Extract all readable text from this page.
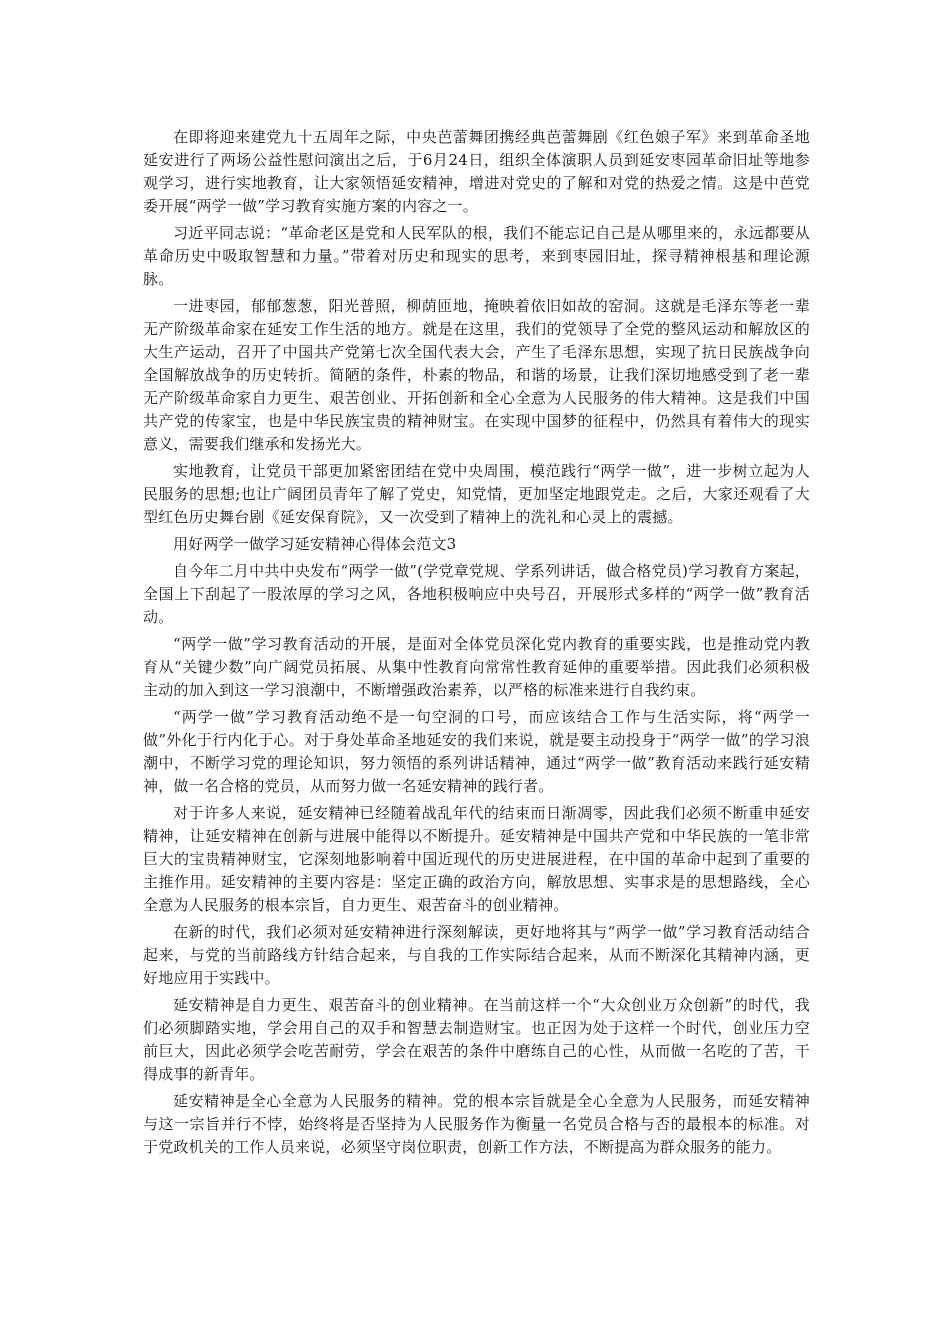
在即将迎来建党九十五周年之际，中央芭蕾舞团携经典芭蕾舞剧《红色娘子军》来到革命圣地延安进行了两场公益性慰问演出之后，于6月24日，组织全体演职人员到延安枣园革命旧址等地参观学习，进行实地教育，让大家领悟延安精神，增进对党史的了解和对党的热爱之情。这是中芭党委开展“两学一做”学习教育实施方案的内容之一。

习近平同志说：“革命老区是党和人民军队的根，我们不能忘记自己是从哪里来的，永远都要从革命历史中吸取智慧和力量。”带着对历史和现实的思考，来到枣园旧址，探寻精神根基和理论源脉。

一进枣园，郁郁葱葱，阳光普照，柳荫匝地，掩映着依旧如故的窑洞。这就是毛泽东等老一辈无产阶级革命家在延安工作生活的地方。就是在这里，我们的党领导了全党的整风运动和解放区的大生产运动，召开了中国共产党第七次全国代表大会，产生了毛泽东思想，实现了抗日民族战争向全国解放战争的历史转折。简陋的条件，朴素的物品，和谐的场景，让我们深切地感受到了老一辈无产阶级革命家自力更生、艰苦创业、开拓创新和全心全意为人民服务的伟大精神。这是我们中国共产党的传家宝，也是中华民族宝贵的精神财宝。在实现中国梦的征程中，仍然具有着伟大的现实意义，需要我们继承和发扬光大。

实地教育，让党员干部更加紧密团结在党中央周围，模范践行“两学一做”，进一步树立起为人民服务的思想;也让广阔团员青年了解了党史，知党情，更加坚定地跟党走。之后，大家还观看了大型红色历史舞台剧《延安保育院》，又一次受到了精神上的洗礼和心灵上的震撼。

用好两学一做学习延安精神心得体会范文3

自今年二月中共中央发布“两学一做”(学党章党规、学系列讲话，做合格党员)学习教育方案起，全国上下刮起了一股浓厚的学习之风，各地积极响应中央号召，开展形式多样的“两学一做”教育活动。

“两学一做”学习教育活动的开展，是面对全体党员深化党内教育的重要实践，也是推动党内教育从“关键少数”向广阔党员拓展、从集中性教育向常常性教育延伸的重要举措。因此我们必须积极主动的加入到这一学习浪潮中，不断增强政治素养，以严格的标准来进行自我约束。

“两学一做”学习教育活动绝不是一句空洞的口号，而应该结合工作与生活实际，将“两学一做”外化于行内化于心。对于身处革命圣地延安的我们来说，就是要主动投身于“两学一做”的学习浪潮中，不断学习党的理论知识，努力领悟的系列讲话精神，通过“两学一做”教育活动来践行延安精神，做一名合格的党员，从而努力做一名延安精神的践行者。

对于许多人来说，延安精神已经随着战乱年代的结束而日渐凋零，因此我们必须不断重申延安精神，让延安精神在创新与进展中能得以不断提升。延安精神是中国共产党和中华民族的一笔非常巨大的宝贵精神财宝，它深刻地影响着中国近现代的历史进展进程，在中国的革命中起到了重要的主推作用。延安精神的主要内容是：坚定正确的政治方向，解放思想、实事求是的思想路线，全心全意为人民服务的根本宗旨，自力更生、艰苦奋斗的创业精神。

在新的时代，我们必须对延安精神进行深刻解读，更好地将其与“两学一做”学习教育活动结合起来，与党的当前路线方针结合起来，与自我的工作实际结合起来，从而不断深化其精神内涵，更好地应用于实践中。

延安精神是自力更生、艰苦奋斗的创业精神。在当前这样一个“大众创业万众创新”的时代，我们必须脚踏实地，学会用自己的双手和智慧去制造财宝。也正因为处于这样一个时代，创业压力空前巨大，因此必须学会吃苦耐劳，学会在艰苦的条件中磨练自己的心性，从而做一名吃的了苦，干得成事的新青年。

延安精神是全心全意为人民服务的精神。党的根本宗旨就是全心全意为人民服务，而延安精神与这一宗旨并行不悖，始终将是否坚持为人民服务作为衡量一名党员合格与否的最根本的标准。对于党政机关的工作人员来说，必须坚守岗位职责，创新工作方法，不断提高为群众服务的能力。
